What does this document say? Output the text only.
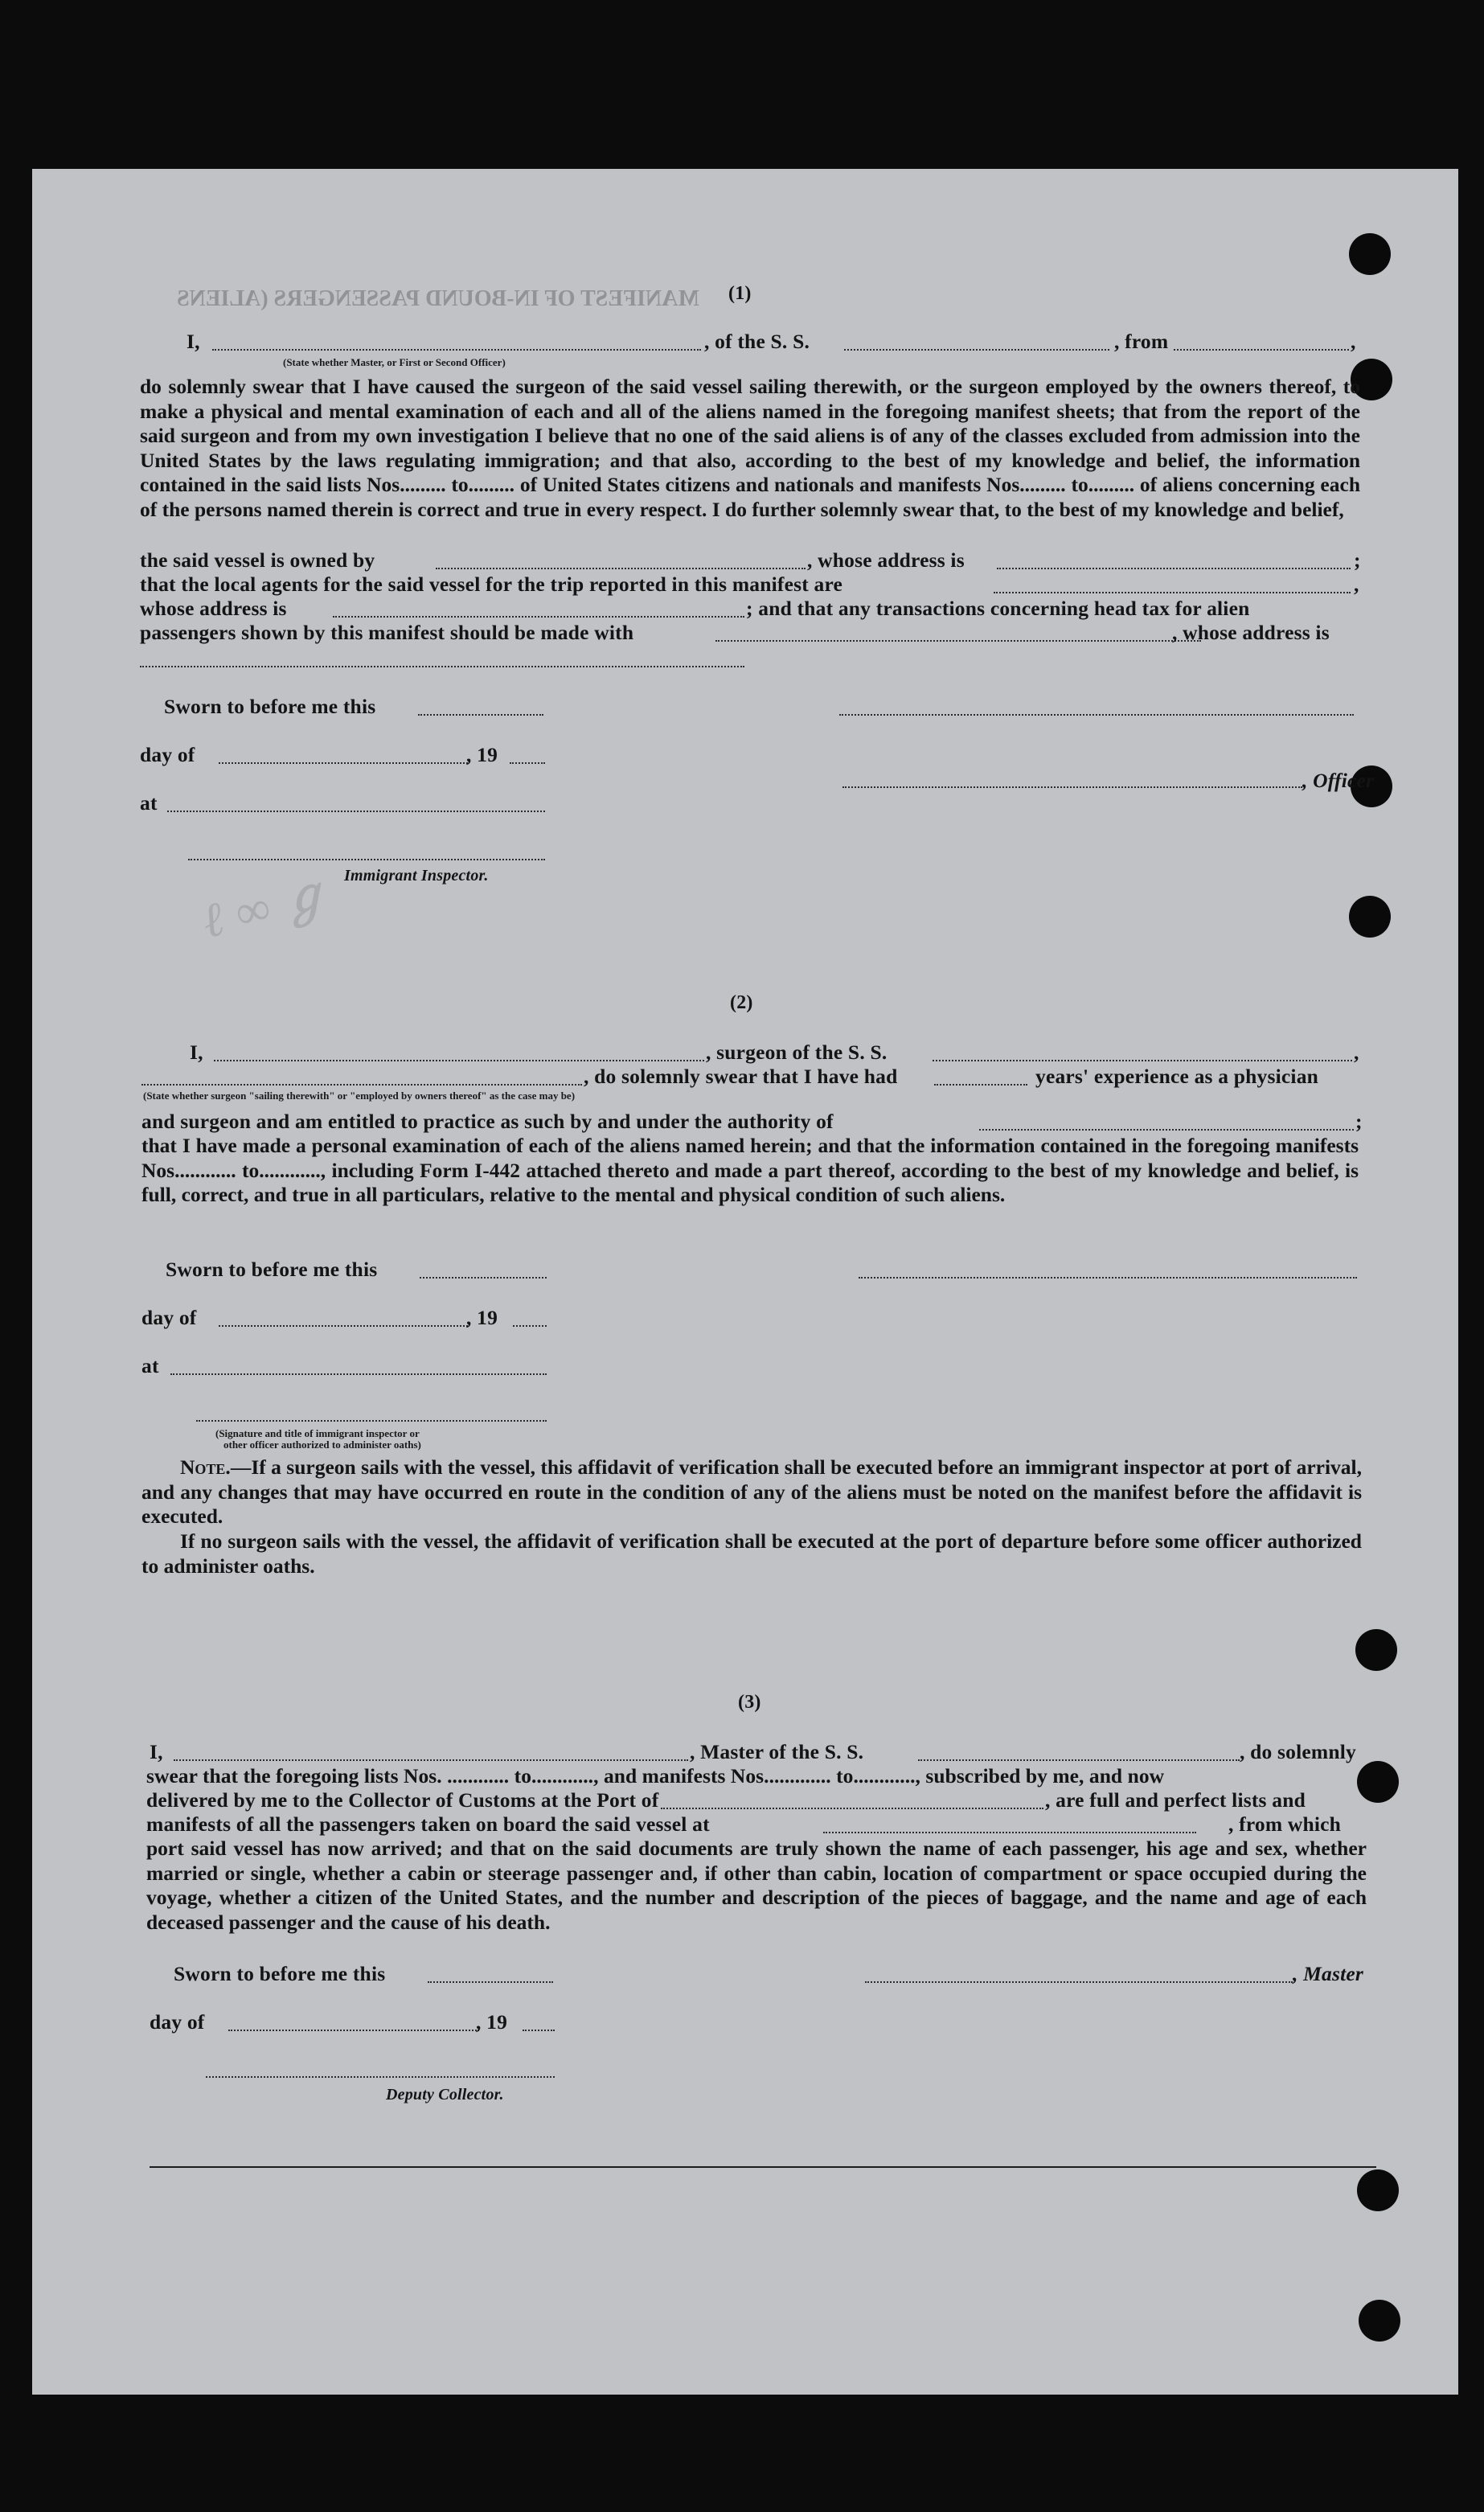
MANIFEST OF IN-BOUND PASSENGERS (ALIENS (1)
I,	, of the S. S.	, from	,
(State whether Master, or First or Second Officer)
do solemnly swear that I have caused the surgeon of the said vessel sailing therewith, or the surgeon employed by the owners thereof, to make a physical and mental examination of each and all of the aliens named in the foregoing manifest sheets; that from the report of the said surgeon and from my own investigation I believe that no one of the said aliens is of any of the classes excluded from admission into the United States by the laws regulating immigration; and that also, according to the best of my knowledge and belief, the information contained in the said lists Nos......... to......... of United States citizens and nationals and manifests Nos......... to......... of aliens concerning each of the persons named therein is correct and true in every respect. I do further solemnly swear that, to the best of my knowledge and belief,
the said vessel is owned by	, whose address is	;
that the local agents for the said vessel for the trip reported in this manifest are	,
whose address is	; and that any transactions concerning head tax for alien
passengers shown by this manifest should be made with	, whose address is
Sworn to before me this
day of	, 19
, Officer
at
Immigrant Inspector.
ℓ ∞ ℊ
(2)
I,	, surgeon of the S. S.	,
, do solemnly swear that I have had	years' experience as a physician
(State whether surgeon "sailing therewith" or "employed by owners thereof" as the case may be)
and surgeon and am entitled to practice as such by and under the authority of	;
that I have made a personal examination of each of the aliens named herein; and that the information contained in the foregoing manifests Nos............ to............, including Form I-442 attached thereto and made a part thereof, according to the best of my knowledge and belief, is full, correct, and true in all particulars, relative to the mental and physical condition of such aliens.
Sworn to before me this
day of	, 19
at
(Signature and title of immigrant inspector or
other officer authorized to administer oaths)
Note.—If a surgeon sails with the vessel, this affidavit of verification shall be executed before an immigrant inspector at port of arrival, and any changes that may have occurred en route in the condition of any of the aliens must be noted on the manifest before the affidavit is executed.
If no surgeon sails with the vessel, the affidavit of verification shall be executed at the port of departure before some officer authorized to administer oaths.
(3)
I,	, Master of the S. S.	, do solemnly
swear that the foregoing lists Nos. ............ to............, and manifests Nos............. to............, subscribed by me, and now
delivered by me to the Collector of Customs at the Port of	, are full and perfect lists and
manifests of all the passengers taken on board the said vessel at	, from which
port said vessel has now arrived; and that on the said documents are truly shown the name of each passenger, his age and sex, whether married or single, whether a cabin or steerage passenger and, if other than cabin, location of compartment or space occupied during the voyage, whether a citizen of the United States, and the number and description of the pieces of baggage, and the name and age of each deceased passenger and the cause of his death.
Sworn to before me this	, Master
day of	, 19
Deputy Collector.
